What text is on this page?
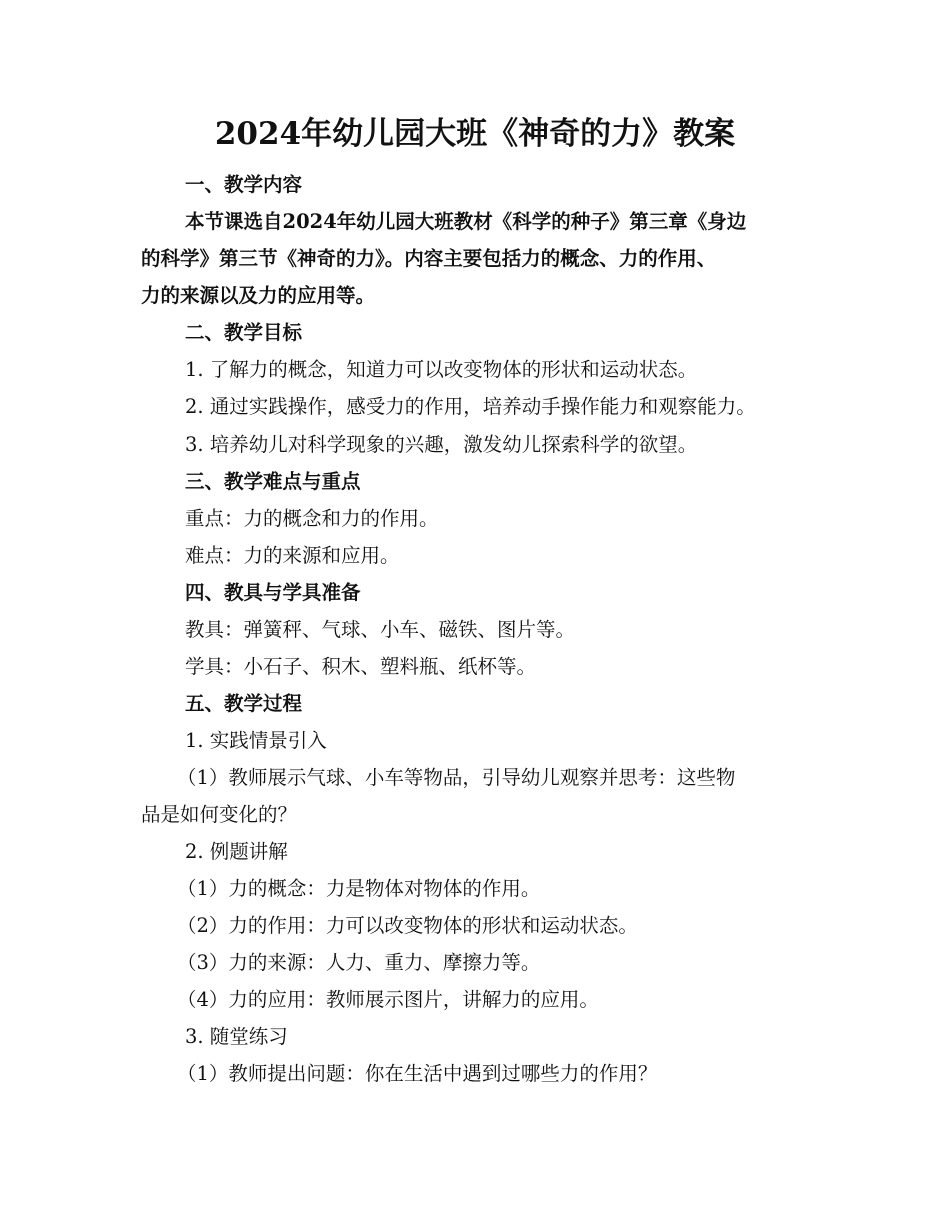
2024年幼儿园大班《神奇的力》教案
一、教学内容
本节课选自2024年幼儿园大班教材《科学的种子》第三章《身边
的科学》第三节《神奇的力》。内容主要包括力的概念、力的作用、
力的来源以及力的应用等。
二、教学目标
1. 了解力的概念，知道力可以改变物体的形状和运动状态。
2. 通过实践操作，感受力的作用，培养动手操作能力和观察能力。
3. 培养幼儿对科学现象的兴趣，激发幼儿探索科学的欲望。
三、教学难点与重点
重点：力的概念和力的作用。
难点：力的来源和应用。
四、教具与学具准备
教具：弹簧秤、气球、小车、磁铁、图片等。
学具：小石子、积木、塑料瓶、纸杯等。
五、教学过程
1. 实践情景引入
（1）教师展示气球、小车等物品，引导幼儿观察并思考：这些物
品是如何变化的？
2. 例题讲解
（1）力的概念：力是物体对物体的作用。
（2）力的作用：力可以改变物体的形状和运动状态。
（3）力的来源：人力、重力、摩擦力等。
（4）力的应用：教师展示图片，讲解力的应用。
3. 随堂练习
（1）教师提出问题：你在生活中遇到过哪些力的作用？
